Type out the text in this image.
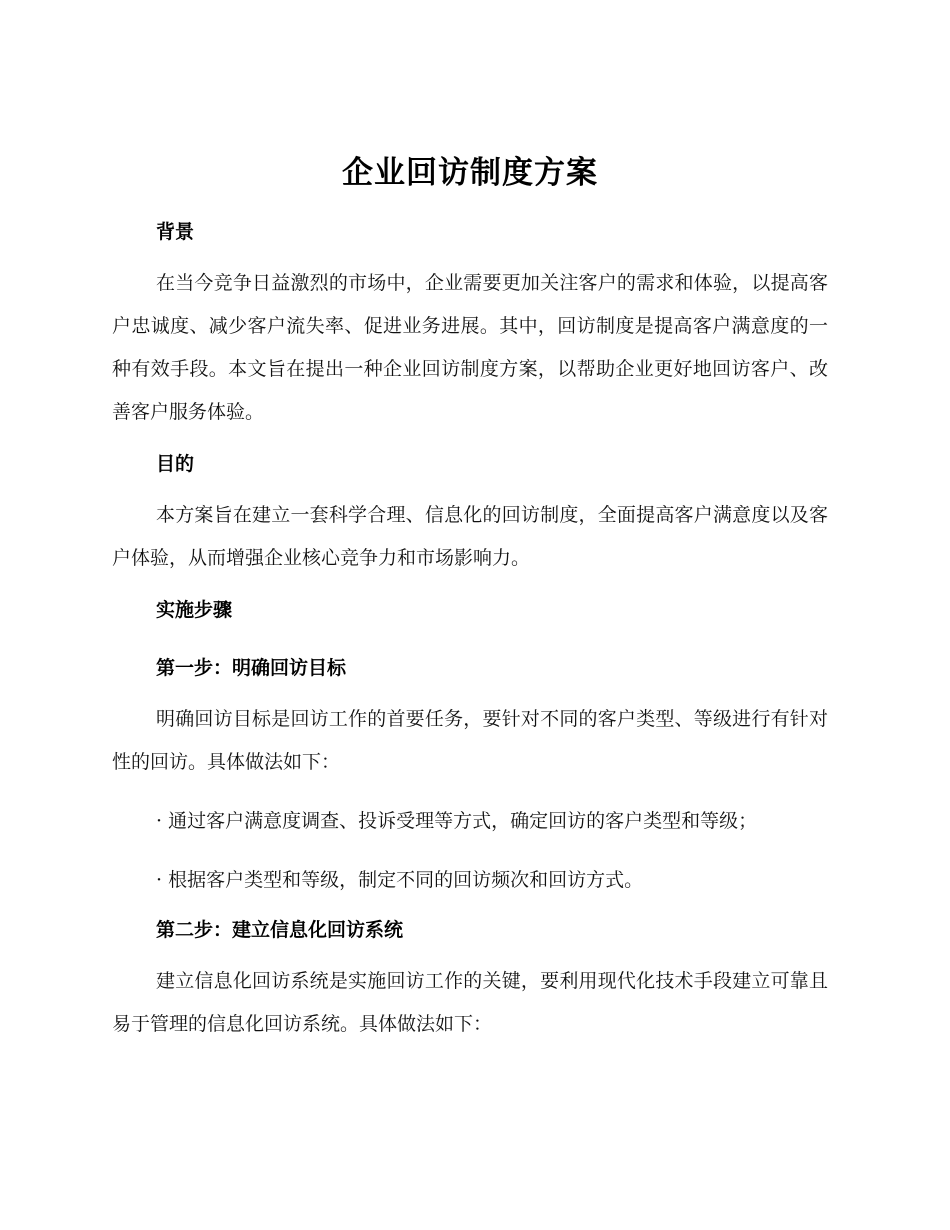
企业回访制度方案

背景

在当今竞争日益激烈的市场中，企业需要更加关注客户的需求和体验，以提高客户忠诚度、减少客户流失率、促进业务进展。其中，回访制度是提高客户满意度的一种有效手段。本文旨在提出一种企业回访制度方案，以帮助企业更好地回访客户、改善客户服务体验。

目的

本方案旨在建立一套科学合理、信息化的回访制度，全面提高客户满意度以及客户体验，从而增强企业核心竞争力和市场影响力。

实施步骤

第一步：明确回访目标

明确回访目标是回访工作的首要任务，要针对不同的客户类型、等级进行有针对性的回访。具体做法如下：

· 通过客户满意度调查、投诉受理等方式，确定回访的客户类型和等级；

· 根据客户类型和等级，制定不同的回访频次和回访方式。

第二步：建立信息化回访系统

建立信息化回访系统是实施回访工作的关键，要利用现代化技术手段建立可靠且易于管理的信息化回访系统。具体做法如下：
